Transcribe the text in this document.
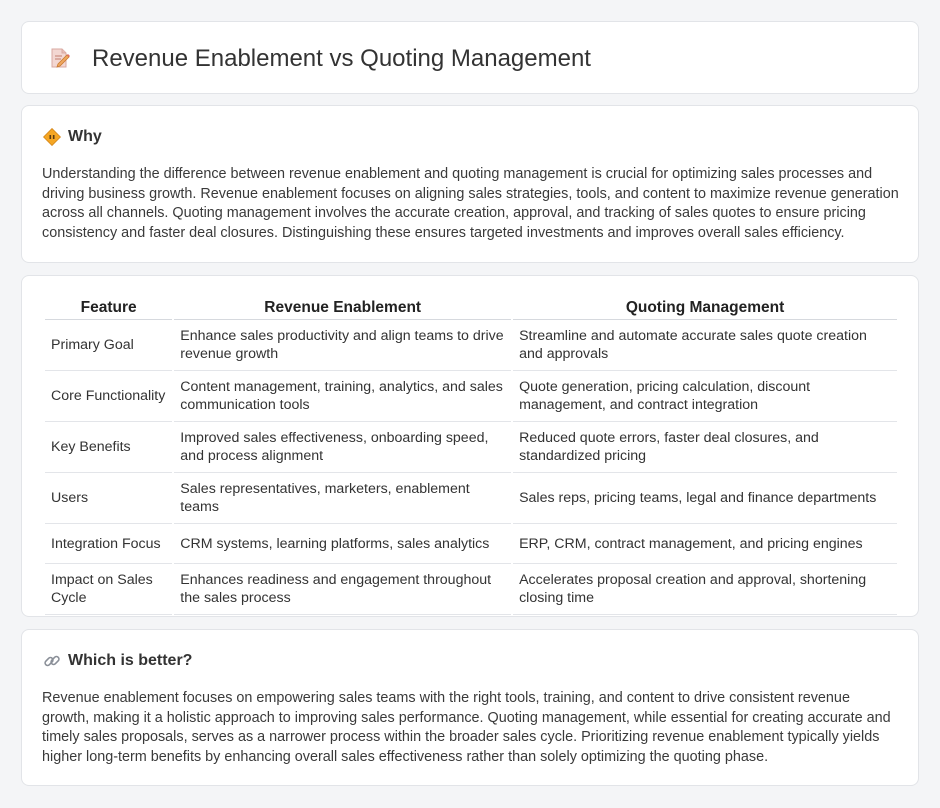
Revenue Enablement vs Quoting Management
Why

Understanding the difference between revenue enablement and quoting management is crucial for optimizing sales processes and driving business growth. Revenue enablement focuses on aligning sales strategies, tools, and content to maximize revenue generation across all channels. Quoting management involves the accurate creation, approval, and tracking of sales quotes to ensure pricing consistency and faster deal closures. Distinguishing these ensures targeted investments and improves overall sales efficiency.

Feature	Revenue Enablement	Quoting Management
Primary Goal	Enhance sales productivity and align teams to drive revenue growth	Streamline and automate accurate sales quote creation and approvals
Core Functionality	Content management, training, analytics, and sales communication tools	Quote generation, pricing calculation, discount management, and contract integration
Key Benefits	Improved sales effectiveness, onboarding speed, and process alignment	Reduced quote errors, faster deal closures, and standardized pricing
Users	Sales representatives, marketers, enablement teams	Sales reps, pricing teams, legal and finance departments
Integration Focus	CRM systems, learning platforms, sales analytics	ERP, CRM, contract management, and pricing engines
Impact on Sales Cycle	Enhances readiness and engagement throughout the sales process	Accelerates proposal creation and approval, shortening closing time
Which is better?

Revenue enablement focuses on empowering sales teams with the right tools, training, and content to drive consistent revenue growth, making it a holistic approach to improving sales performance. Quoting management, while essential for creating accurate and timely sales proposals, serves as a narrower process within the broader sales cycle. Prioritizing revenue enablement typically yields higher long-term benefits by enhancing overall sales effectiveness rather than solely optimizing the quoting phase.
